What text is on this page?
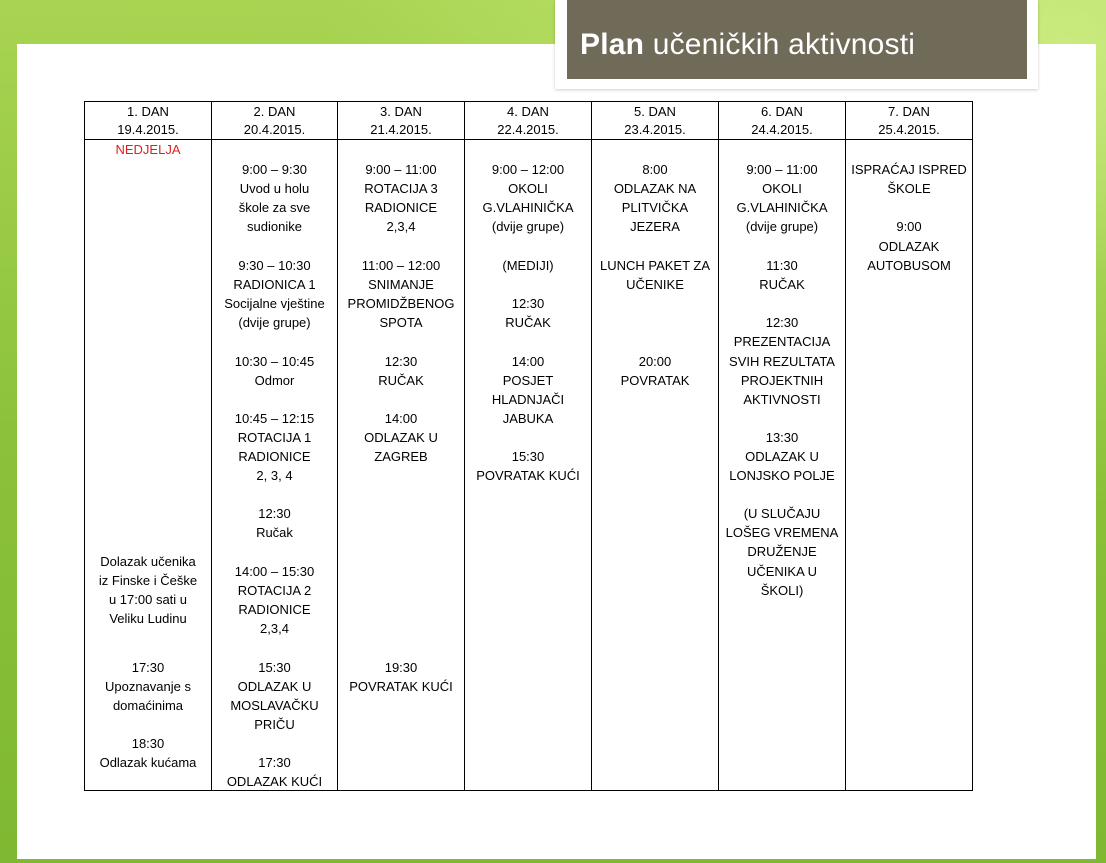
Plan učeničkih aktivnosti
1. DAN
19.4.2015.
NEDJELJA
Dolazak učenika
iz Finske i Češke
u 17:00 sati u
Veliku Ludinu
17:30
Upoznavanje s
domaćinima
18:30
Odlazak kućama
2. DAN
20.4.2015.
9:00 – 9:30
Uvod u holu
škole za sve
sudionike
9:30 – 10:30
RADIONICA 1
Socijalne vještine
(dvije grupe)
10:30 – 10:45
Odmor
10:45 – 12:15
ROTACIJA 1
RADIONICE
2, 3, 4
12:30
Ručak
14:00 – 15:30
ROTACIJA 2
RADIONICE
2,3,4
15:30
ODLAZAK U
MOSLAVAČKU
PRIČU
17:30
ODLAZAK KUĆI
3. DAN
21.4.2015.
9:00 – 11:00
ROTACIJA 3
RADIONICE
2,3,4
11:00 – 12:00
SNIMANJE
PROMIDŽBENOG
SPOTA
12:30
RUČAK
14:00
ODLAZAK U
ZAGREB
19:30
POVRATAK KUĆI
4. DAN
22.4.2015.
9:00 – 12:00
OKOLI
G.VLAHINIČKA
(dvije grupe)
(MEDIJI)
12:30
RUČAK
14:00
POSJET
HLADNJAČI
JABUKA
15:30
POVRATAK KUĆI
5. DAN
23.4.2015.
8:00
ODLAZAK NA
PLITVIČKA
JEZERA
LUNCH PAKET ZA
UČENIKE
20:00
POVRATAK
6. DAN
24.4.2015.
9:00 – 11:00
OKOLI
G.VLAHINIČKA
(dvije grupe)
11:30
RUČAK
12:30
PREZENTACIJA
SVIH REZULTATA
PROJEKTNIH
AKTIVNOSTI
13:30
ODLAZAK U
LONJSKO POLJE
(U SLUČAJU
LOŠEG VREMENA
DRUŽENJE
UČENIKA U
ŠKOLI)
7. DAN
25.4.2015.
ISPRAĆAJ ISPRED
ŠKOLE
9:00
ODLAZAK
AUTOBUSOM
